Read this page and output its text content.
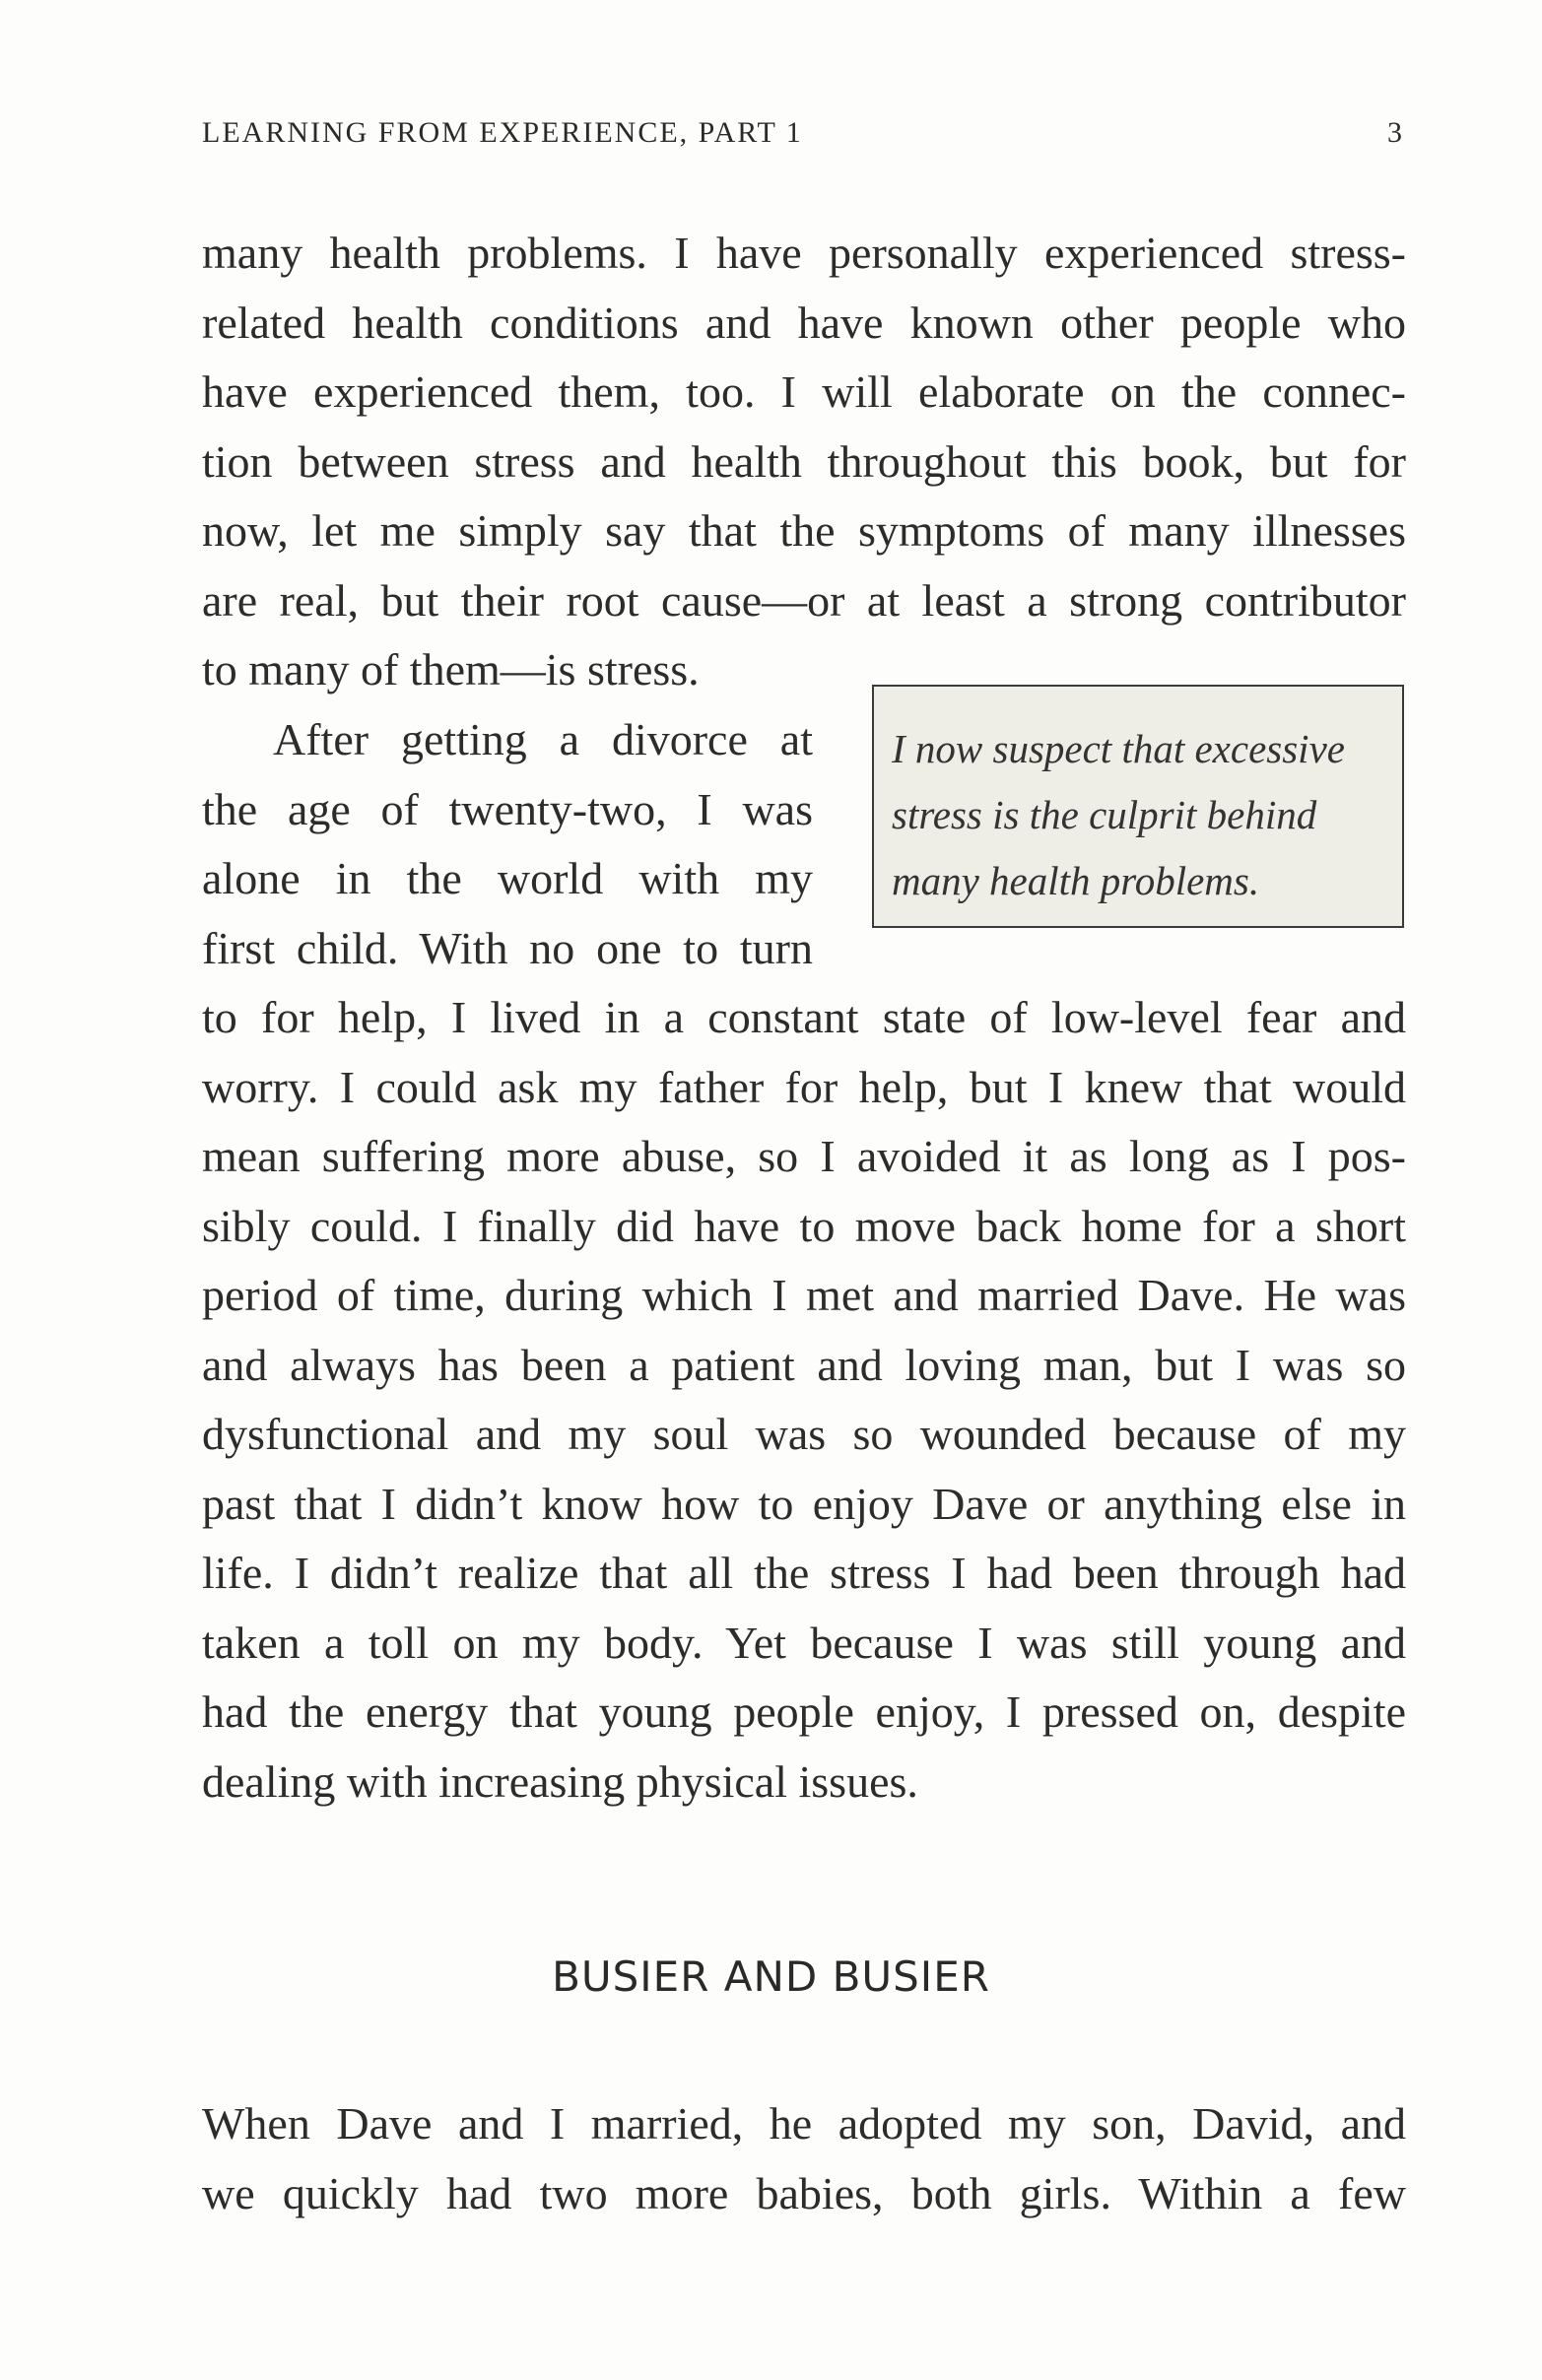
LEARNING FROM EXPERIENCE, PART 1	3

many health problems. I have personally experienced stress-
related health conditions and have known other people who
have experienced them, too. I will elaborate on the connec-
tion between stress and health throughout this book, but for
now, let me simply say that the symptoms of many illnesses
are real, but their root cause—or at least a strong contributor
to many of them—is stress.

After getting a divorce at
the age of twenty-two, I was
alone in the world with my
first child. With no one to turn

I now suspect that excessive
stress is the culprit behind
many health problems.

to for help, I lived in a constant state of low-level fear and
worry. I could ask my father for help, but I knew that would
mean suffering more abuse, so I avoided it as long as I pos-
sibly could. I finally did have to move back home for a short
period of time, during which I met and married Dave. He was
and always has been a patient and loving man, but I was so
dysfunctional and my soul was so wounded because of my
past that I didn’t know how to enjoy Dave or anything else in
life. I didn’t realize that all the stress I had been through had
taken a toll on my body. Yet because I was still young and
had the energy that young people enjoy, I pressed on, despite
dealing with increasing physical issues.

BUSIER AND BUSIER

When Dave and I married, he adopted my son, David, and
we quickly had two more babies, both girls. Within a few
